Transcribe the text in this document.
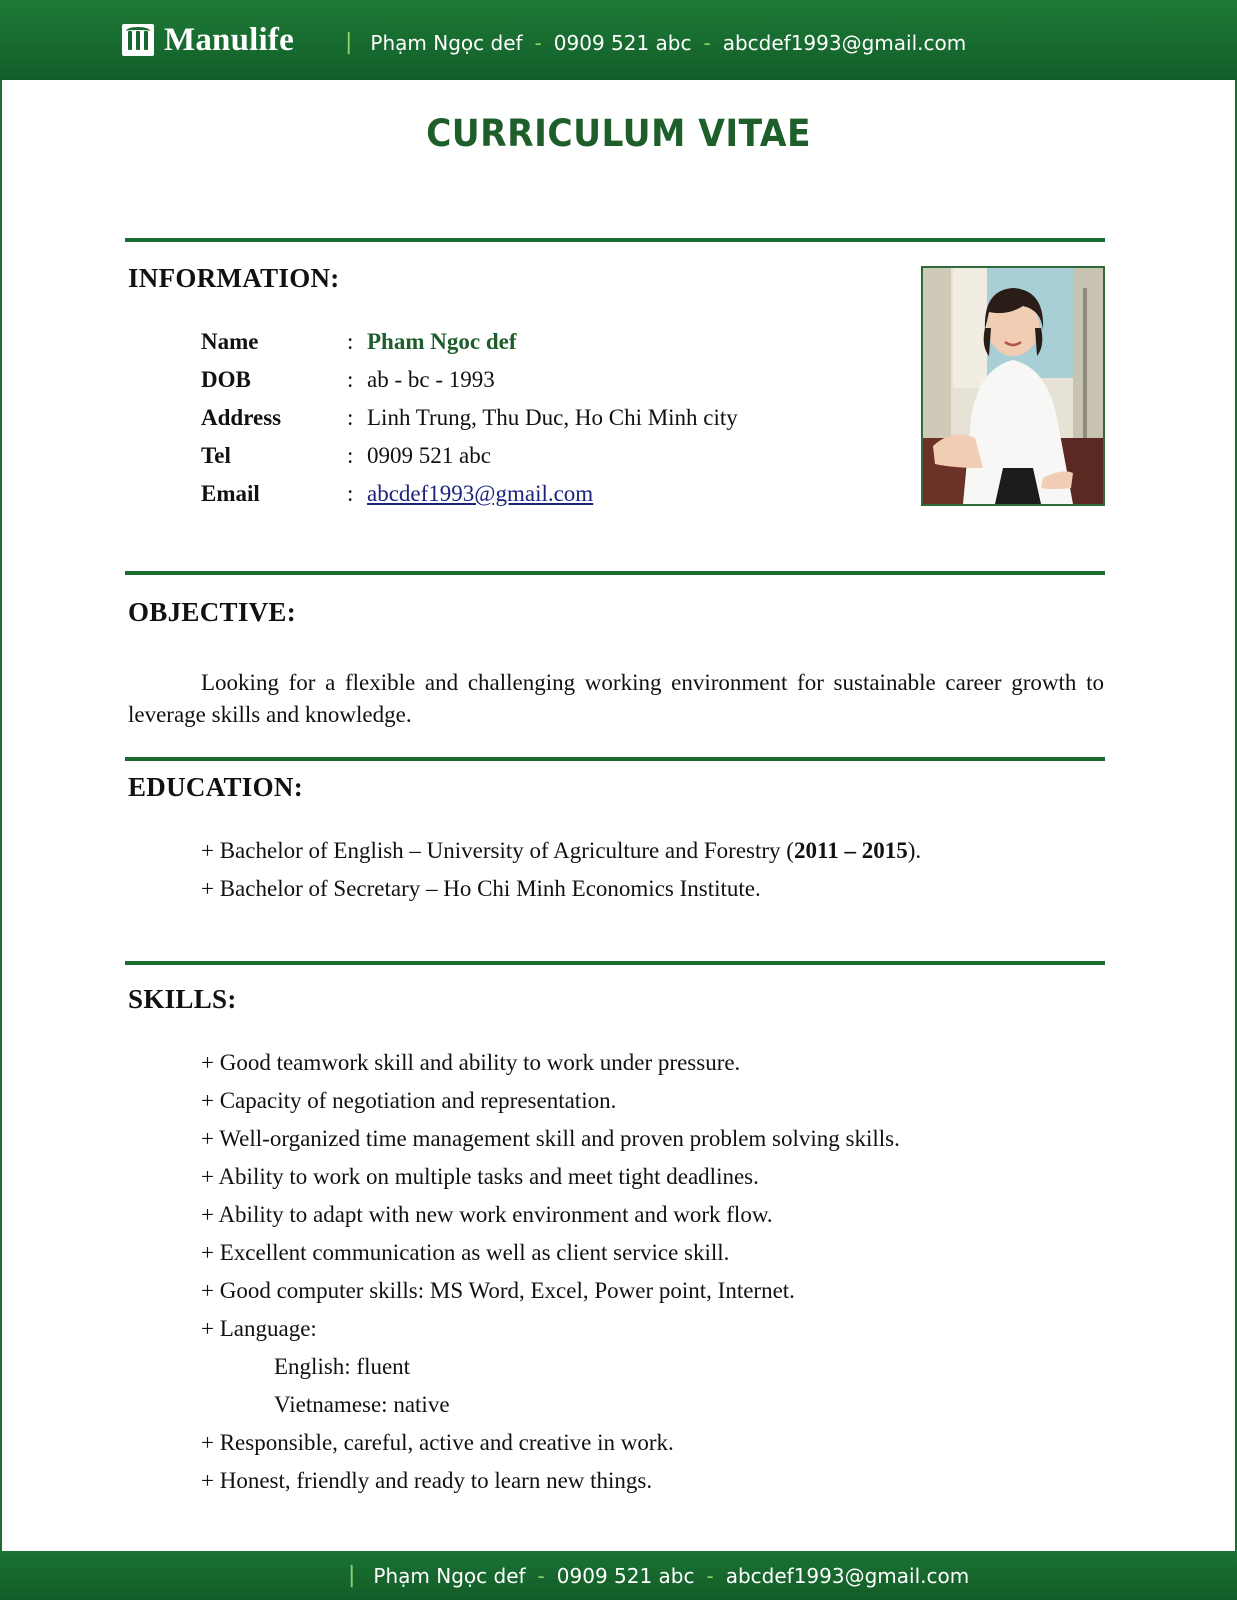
Manulife | Phạm Ngọc def - 0909 521 abc - abcdef1993@gmail.com
CURRICULUM VITAE
INFORMATION:
Name	: Pham Ngoc def
DOB	: ab - bc - 1993
Address	: Linh Trung, Thu Duc, Ho Chi Minh city
Tel	: 0909 521 abc
Email	: abcdef1993@gmail.com
OBJECTIVE:
Looking for a flexible and challenging working environment for sustainable career growth to leverage skills and knowledge.
EDUCATION:
+ Bachelor of English – University of Agriculture and Forestry (2011 – 2015).
+ Bachelor of Secretary – Ho Chi Minh Economics Institute.
SKILLS:
+ Good teamwork skill and ability to work under pressure.
+ Capacity of negotiation and representation.
+ Well-organized time management skill and proven problem solving skills.
+ Ability to work on multiple tasks and meet tight deadlines.
+ Ability to adapt with new work environment and work flow.
+ Excellent communication as well as client service skill.
+ Good computer skills: MS Word, Excel, Power point, Internet.
+ Language:
English: fluent
Vietnamese: native
+ Responsible, careful, active and creative in work.
+ Honest, friendly and ready to learn new things.
| Phạm Ngọc def - 0909 521 abc - abcdef1993@gmail.com
